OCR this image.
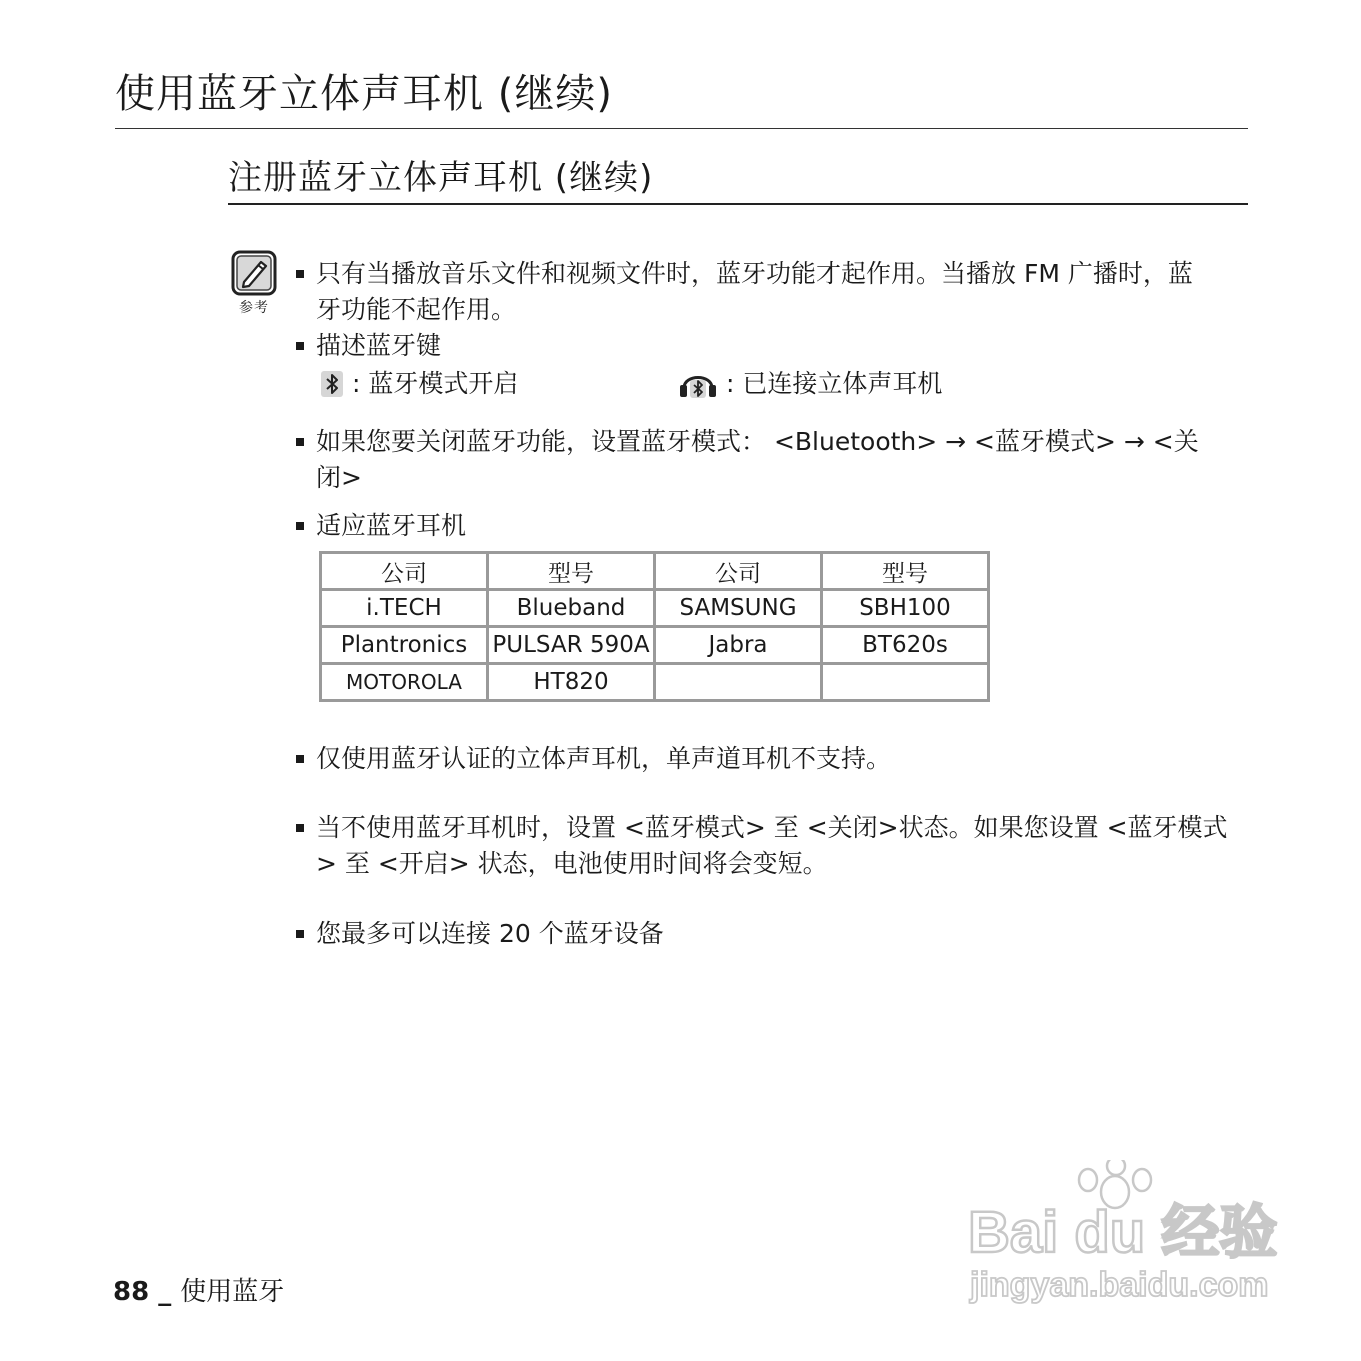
使用蓝牙立体声耳机 (继续)
注册蓝牙立体声耳机 (继续)
参考
只有当播放音乐文件和视频文件时，蓝牙功能才起作用。当播放 FM 广播时，蓝牙功能不起作用。
描述蓝牙键
: 蓝牙模式开启	: 已连接立体声耳机
如果您要关闭蓝牙功能，设置蓝牙模式： <Bluetooth> → <蓝牙模式> → <关闭>
适应蓝牙耳机
公司	型号	公司	型号
i.TECH	Blueband	SAMSUNG	SBH100
Plantronics	PULSAR 590A	Jabra	BT620s
MOTOROLA	HT820		
仅使用蓝牙认证的立体声耳机，单声道耳机不支持。
当不使用蓝牙耳机时，设置 <蓝牙模式> 至 <关闭>状态。如果您设置 <蓝牙模式> 至 <开启> 状态，电池使用时间将会变短。
您最多可以连接 20 个蓝牙设备
88 _ 使用蓝牙
Bai du 经验
jingyan.baidu.com
